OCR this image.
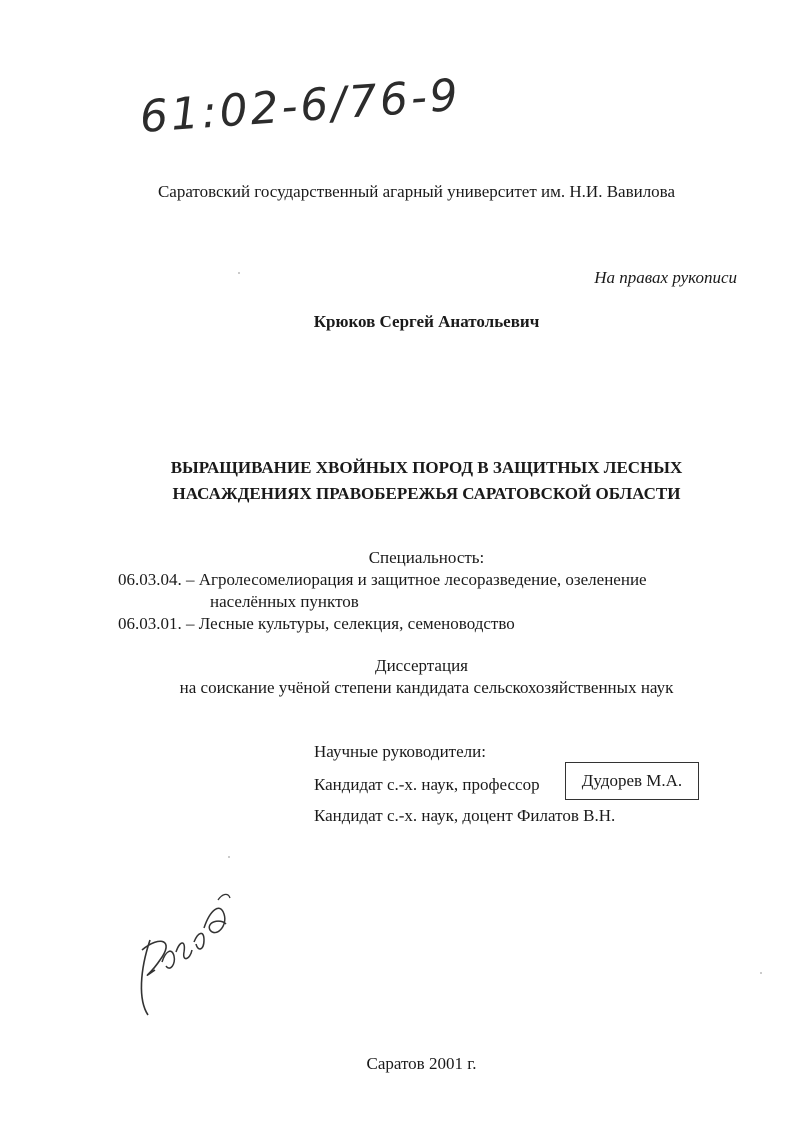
61:02-6/76-9
Саратовский государственный агарный университет им. Н.И. Вавилова
На правах рукописи
Крюков Сергей Анатольевич
ВЫРАЩИВАНИЕ ХВОЙНЫХ ПОРОД В ЗАЩИТНЫХ ЛЕСНЫХ
НАСАЖДЕНИЯХ ПРАВОБЕРЕЖЬЯ САРАТОВСКОЙ ОБЛАСТИ
Специальность:
06.03.04. – Агролесомелиорация и защитное лесоразведение, озеленение
населённых пунктов
06.03.01. – Лесные культуры, селекция, семеноводство
Диссертация
на соискание учёной степени кандидата сельскохозяйственных наук
Научные руководители:
Кандидат с.-х. наук, профессор Дудорев М.А.
Кандидат с.-х. наук, доцент Филатов В.Н.
Саратов 2001 г.
